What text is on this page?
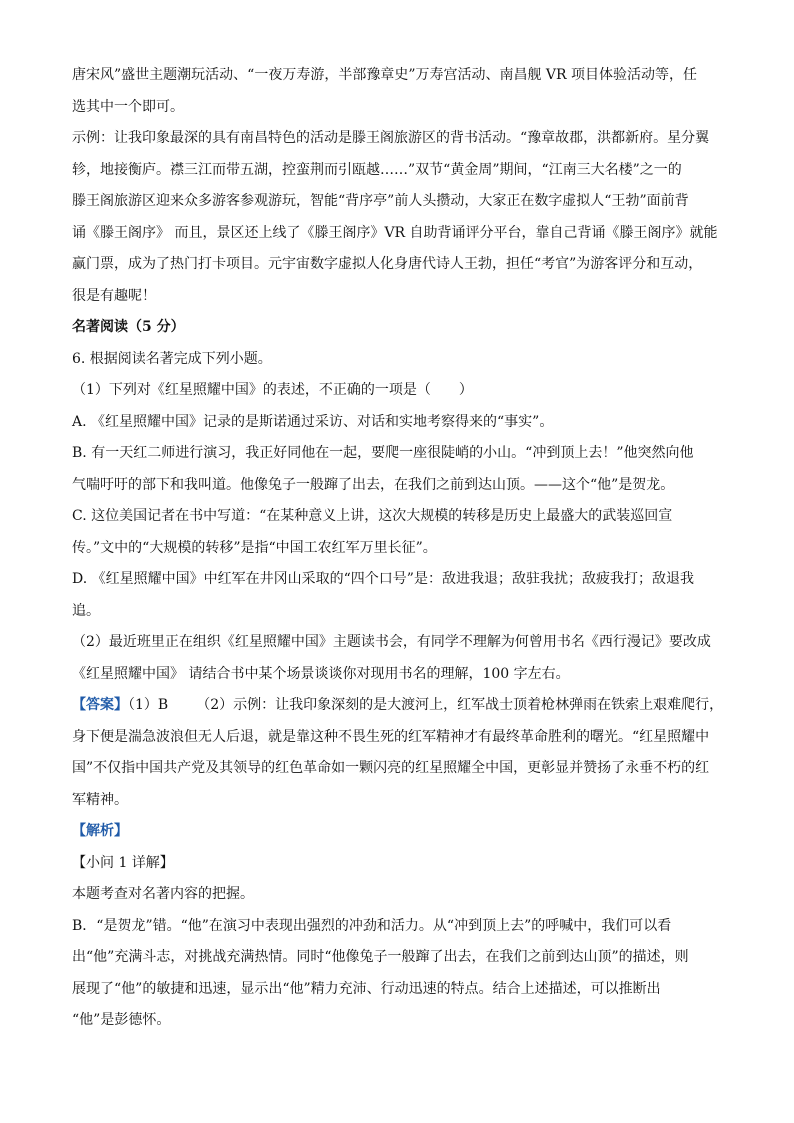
唐宋风”盛世主题潮玩活动、“一夜万寿游，半部豫章史”万寿宫活动、南昌舰 VR 项目体验活动等，任
选其中一个即可。
示例：让我印象最深的具有南昌特色的活动是滕王阁旅游区的背书活动。“豫章故郡，洪都新府。星分翼
轸，地接衡庐。襟三江而带五湖，控蛮荆而引瓯越……”双节“黄金周”期间，“江南三大名楼”之一的
滕王阁旅游区迎来众多游客参观游玩，智能“背序亭”前人头攒动，大家正在数字虚拟人“王勃”面前背
诵《滕王阁序》 而且，景区还上线了《滕王阁序》VR 自助背诵评分平台，靠自己背诵《滕王阁序》就能
赢门票，成为了热门打卡项目。元宇宙数字虚拟人化身唐代诗人王勃，担任“考官”为游客评分和互动，
很是有趣呢！
名著阅读（5 分）
6. 根据阅读名著完成下列小题。
（1）下列对《红星照耀中国》的表述，不正确的一项是（　　）
A. 《红星照耀中国》记录的是斯诺通过采访、对话和实地考察得来的“事实”。
B. 有一天红二师进行演习，我正好同他在一起，要爬一座很陡峭的小山。“冲到顶上去！”他突然向他
气喘吁吁的部下和我叫道。他像兔子一般蹿了出去，在我们之前到达山顶。——这个“他”是贺龙。
C. 这位美国记者在书中写道：“在某种意义上讲，这次大规模的转移是历史上最盛大的武装巡回宣
传。”文中的“大规模的转移”是指“中国工农红军万里长征”。
D. 《红星照耀中国》中红军在井冈山采取的“四个口号”是：敌进我退；敌驻我扰；敌疲我打；敌退我
追。
（2）最近班里正在组织《红星照耀中国》主题读书会，有同学不理解为何曾用书名《西行漫记》要改成
《红星照耀中国》 请结合书中某个场景谈谈你对现用书名的理解，100 字左右。
【答案】（1）B （2）示例：让我印象深刻的是大渡河上，红军战士顶着枪林弹雨在铁索上艰难爬行，
身下便是湍急波浪但无人后退，就是靠这种不畏生死的红军精神才有最终革命胜利的曙光。“红星照耀中
国”不仅指中国共产党及其领导的红色革命如一颗闪亮的红星照耀全中国，更彰显并赞扬了永垂不朽的红
军精神。
【解析】
【小问 1 详解】
本题考查对名著内容的把握。
B．“是贺龙”错。“他”在演习中表现出强烈的冲劲和活力。从“冲到顶上去”的呼喊中，我们可以看
出“他”充满斗志，对挑战充满热情。同时“他像兔子一般蹿了出去，在我们之前到达山顶”的描述，则
展现了“他”的敏捷和迅速，显示出“他”精力充沛、行动迅速的特点。结合上述描述，可以推断出
“他”是彭德怀。
